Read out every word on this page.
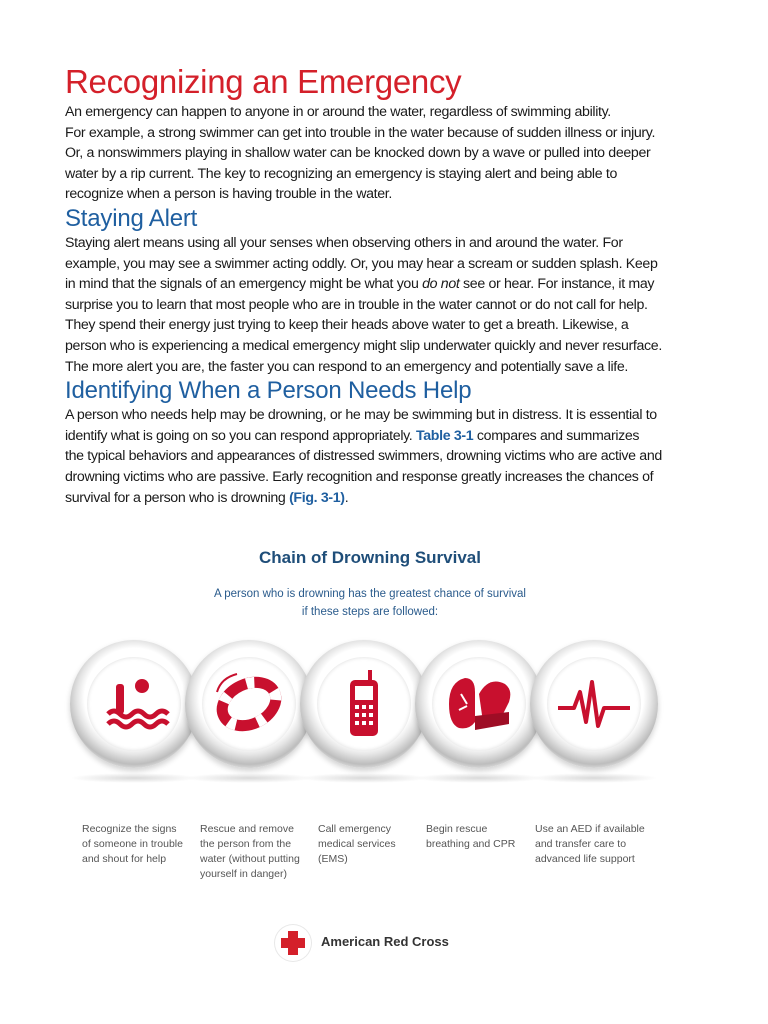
Recognizing an Emergency

An emergency can happen to anyone in or around the water, regardless of swimming ability.

For example, a strong swimmer can get into trouble in the water because of sudden illness or injury.

Or, a nonswimmers playing in shallow water can be knocked down by a wave or pulled into deeper

water by a rip current. The key to recognizing an emergency is staying alert and being able to

recognize when a person is having trouble in the water.

Staying Alert

Staying alert means using all your senses when observing others in and around the water. For

example, you may see a swimmer acting oddly. Or, you may hear a scream or sudden splash. Keep

in mind that the signals of an emergency might be what you do not see or hear. For instance, it may

surprise you to learn that most people who are in trouble in the water cannot or do not call for help.

They spend their energy just trying to keep their heads above water to get a breath. Likewise, a

person who is experiencing a medical emergency might slip underwater quickly and never resurface.

The more alert you are, the faster you can respond to an emergency and potentially save a life.

Identifying When a Person Needs Help

A person who needs help may be drowning, or he may be swimming but in distress. It is essential to

identify what is going on so you can respond appropriately. Table 3-1 compares and summarizes

the typical behaviors and appearances of distressed swimmers, drowning victims who are active and

drowning victims who are passive. Early recognition and response greatly increases the chances of

survival for a person who is drowning (Fig. 3-1).

Chain of Drowning Survival
A person who is drowning has the greatest chance of survival
if these steps are followed:
Recognize the signs
of someone in trouble
and shout for help
Rescue and remove
the person from the
water (without putting
yourself in danger)
Call emergency
medical services
(EMS)
Begin rescue
breathing and CPR
Use an AED if available
and transfer care to
advanced life support
American Red Cross
